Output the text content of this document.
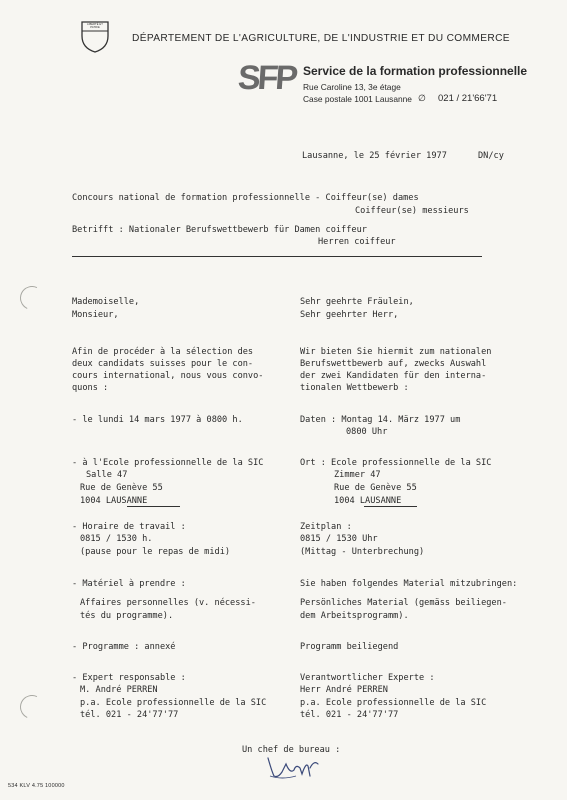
LIBERTÉ ET PATRIE
DÉPARTEMENT DE L'AGRICULTURE, DE L'INDUSTRIE ET DU COMMERCE
SFP Service de la formation professionnelle
Rue Caroline 13, 3e étage
Case postale 1001 Lausanne ∅ 021 / 21'66'71
Lausanne, le 25 février 1977	DN/cy
Concours national de formation professionnelle - Coiffeur(se) dames
Coiffeur(se) messieurs
Betrifft : Nationaler Berufswettbewerb für Damen coiffeur
Herren coiffeur
Mademoiselle,
Monsieur,
Sehr geehrte Fräulein,
Sehr geehrter Herr,
Afin de procéder à la sélection des
deux candidats suisses pour le con-
cours international, nous vous convo-
quons :
Wir bieten Sie hiermit zum nationalen
Berufswettbewerb auf, zwecks Auswahl
der zwei Kandidaten für den interna-
tionalen Wettbewerb :
- le lundi 14 mars 1977 à 0800 h.	Daten : Montag 14. März 1977 um
0800 Uhr
- à l'Ecole professionnelle de la SIC
Salle 47
Rue de Genève 55
1004 LAUSANNE
Ort : Ecole professionnelle de la SIC
Zimmer 47
Rue de Genève 55
1004 LAUSANNE
- Horaire de travail :
0815 / 1530 h.
(pause pour le repas de midi)
Zeitplan :
0815 / 1530 Uhr
(Mittag - Unterbrechung)
- Matériel à prendre :
Affaires personnelles (v. nécessi-
tés du programme).
Sie haben folgendes Material mitzubringen:
Persönliches Material (gemäss beiliegen-
dem Arbeitsprogramm).
- Programme : annexé	Programm beiliegend
- Expert responsable :
M. André PERREN
p.a. Ecole professionnelle de la SIC
tél. 021 - 24'77'77
Verantwortlicher Experte :
Herr André PERREN
p.a. Ecole professionnelle de la SIC
tél. 021 - 24'77'77
Un chef de bureau :
534 KLV 4.75 100000
